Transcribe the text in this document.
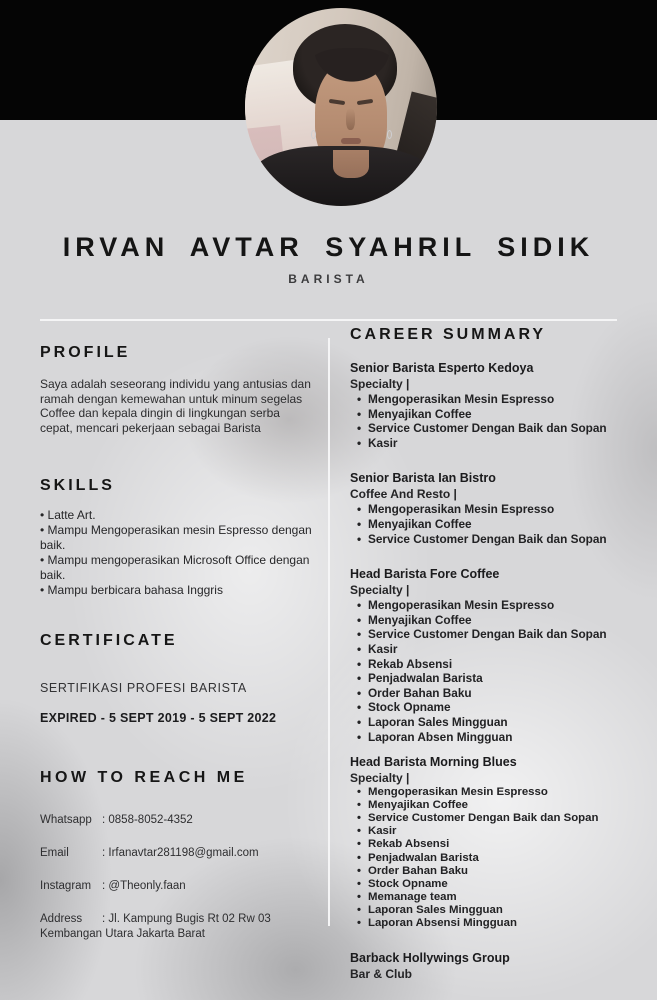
IRVAN AVTAR SYAHRIL SIDIK
BARISTA
PROFILE

Saya adalah seseorang individu yang antusias dan ramah dengan kemewahan untuk minum segelas Coffee dan kepala dingin di lingkungan serba cepat, mencari pekerjaan sebagai Barista

SKILLS
• Latte Art.
• Mampu Mengoperasikan mesin Espresso dengan baik.
• Mampu mengoperasikan Microsoft Office dengan baik.
• Mampu berbicara bahasa Inggris
CERTIFICATE
SERTIFIKASI PROFESI BARISTA
EXPIRED - 5 SEPT 2019 - 5 SEPT 2022
HOW TO REACH ME
Whatsapp : 0858-8052-4352
Email	: Irfanavtar281198@gmail.com
Instagram : @Theonly.faan
Address : Jl. Kampung Bugis Rt 02 Rw 03 Kembangan Utara Jakarta Barat
CAREER SUMMARY
Senior Barista Esperto Kedoya
Specialty |
• Mengoperasikan Mesin Espresso
• Menyajikan Coffee
• Service Customer Dengan Baik dan Sopan
• Kasir
Senior Barista Ian Bistro
Coffee And Resto |
• Mengoperasikan Mesin Espresso
• Menyajikan Coffee
• Service Customer Dengan Baik dan Sopan
Head Barista Fore Coffee
Specialty |
• Mengoperasikan Mesin Espresso
• Menyajikan Coffee
• Service Customer Dengan Baik dan Sopan
• Kasir
• Rekab Absensi
• Penjadwalan Barista
• Order Bahan Baku
• Stock Opname
• Laporan Sales Mingguan
• Laporan Absen Mingguan
Head Barista Morning Blues
Specialty |
• Mengoperasikan Mesin Espresso
• Menyajikan Coffee
• Service Customer Dengan Baik dan Sopan
• Kasir
• Rekab Absensi
• Penjadwalan Barista
• Order Bahan Baku
• Stock Opname
• Memanage team
• Laporan Sales Mingguan
• Laporan Absensi Mingguan
Barback Hollywings Group
Bar & Club
